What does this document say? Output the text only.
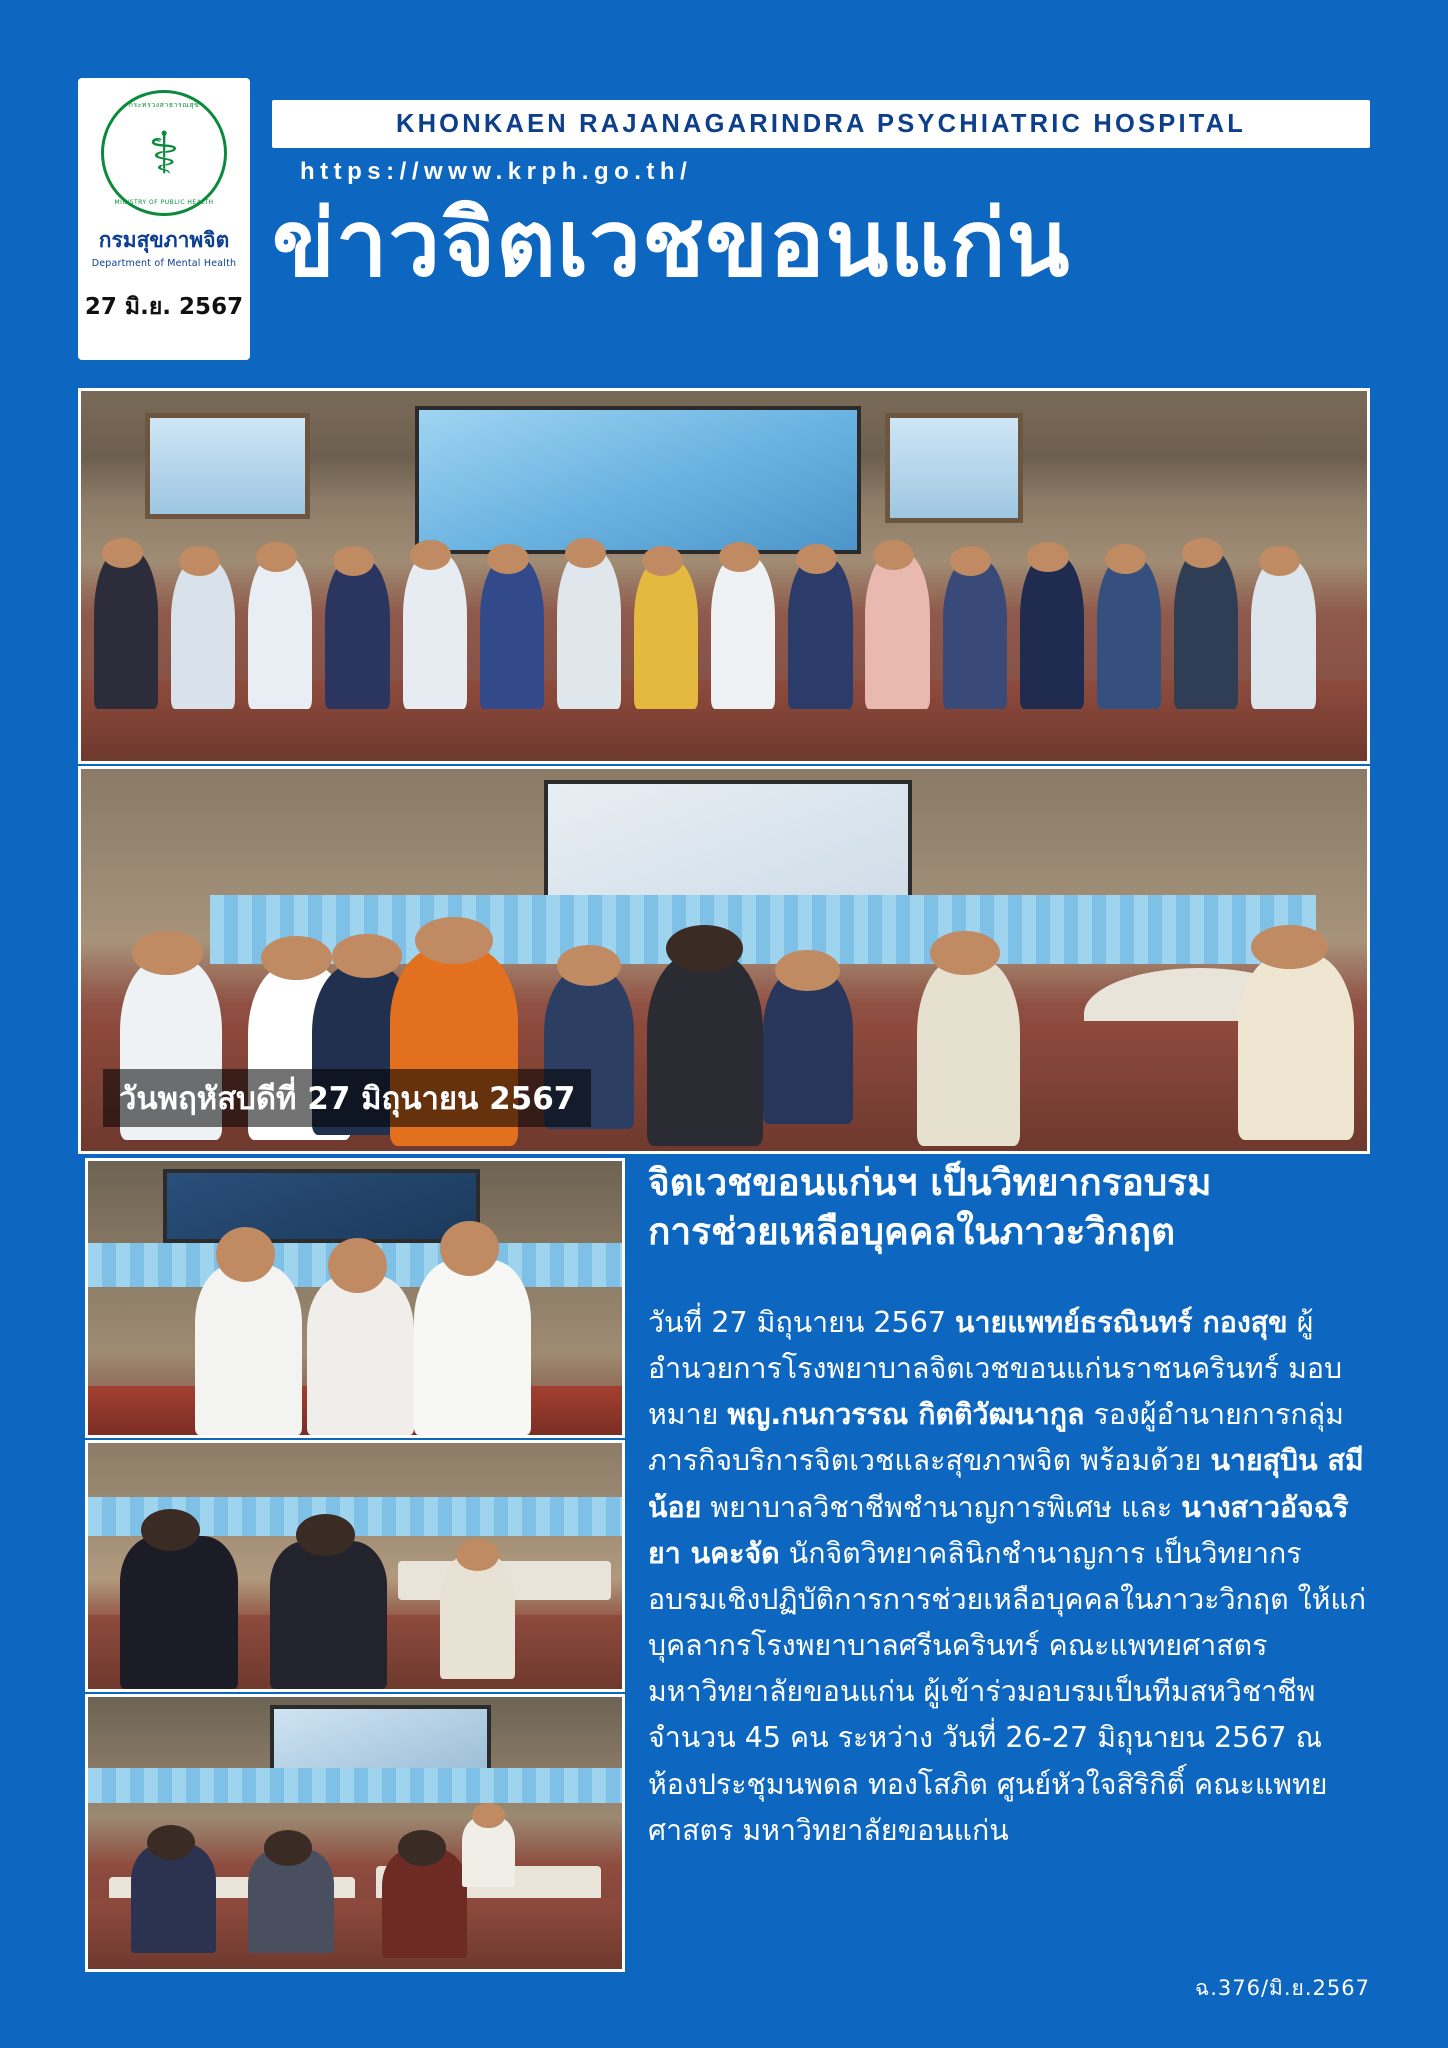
กระทรวงสาธารณสุข
⚕
MINISTRY OF PUBLIC HEALTH
กรมสุขภาพจิต
Department of Mental Health
27 มิ.ย. 2567
KHONKAEN RAJANAGARINDRA PSYCHIATRIC HOSPITAL
https://www.krph.go.th/
ข่าวจิตเวชขอนแก่น
วันพฤหัสบดีที่ 27 มิถุนายน 2567
จิตเวชขอนแก่นฯ เป็นวิทยากรอบรม
การช่วยเหลือบุคคลในภาวะวิกฤต
วันที่ 27 มิถุนายน 2567 นายแพทย์ธรณินทร์ กองสุข ผู้อำนวยการโรงพยาบาลจิตเวชขอนแก่นราชนครินทร์ มอบหมาย พญ.กนกวรรณ กิตติวัฒนากูล รองผู้อำนายการกลุ่มภารกิจบริการจิตเวชและสุขภาพจิต พร้อมด้วย นายสุบิน สมีน้อย พยาบาลวิชาชีพชำนาญการพิเศษ และ นางสาวอัจฉริยา นคะจัด นักจิตวิทยาคลินิกชำนาญการ เป็นวิทยากร อบรมเชิงปฏิบัติการการช่วยเหลือบุคคลในภาวะวิกฤต ให้แก่บุคลากรโรงพยาบาลศรีนครินทร์ คณะแพทยศาสตร มหาวิทยาลัยขอนแก่น ผู้เข้าร่วมอบรมเป็นทีมสหวิชาชีพ จำนวน 45 คน ระหว่าง วันที่ 26-27 มิถุนายน 2567 ณ ห้องประชุมนพดล ทองโสภิต ศูนย์หัวใจสิริกิติ์ คณะแพทยศาสตร มหาวิทยาลัยขอนแก่น
ฉ.376/มิ.ย.2567
